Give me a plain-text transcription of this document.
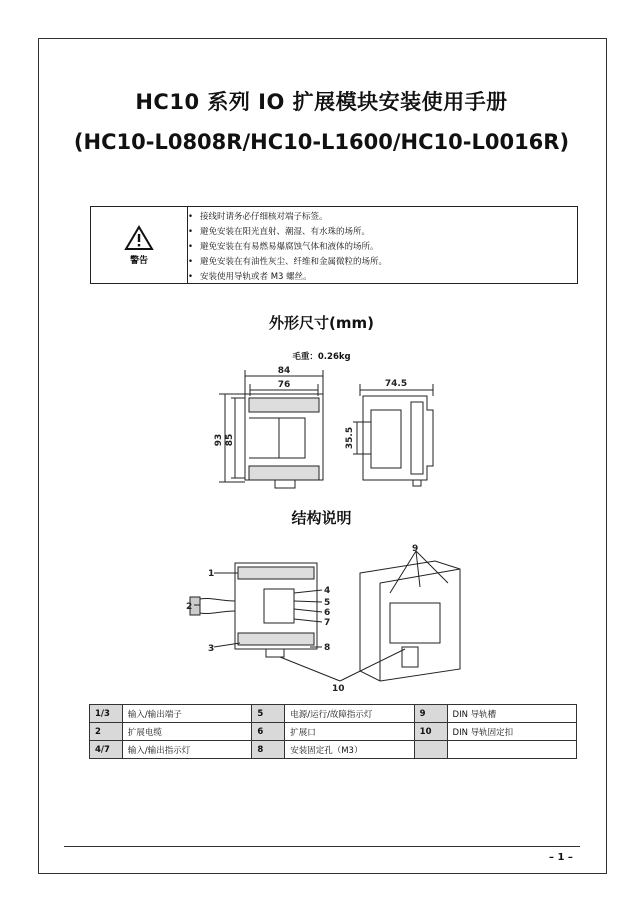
HC10 系列 IO 扩展模块安装使用手册
(HC10-L0808R/HC10-L1600/HC10-L0016R)
警告
• 接线时请务必仔细核对端子标签。
• 避免安装在阳光直射、潮湿、有水珠的场所。
• 避免安装在有易燃易爆腐蚀气体和液体的场所。
• 避免安装在有油性灰尘、纤维和金属微粒的场所。
• 安装使用导轨或者 M3 螺丝。
外形尺寸(mm)
毛重：0.26kg
84
76	74.5
93 85	35.5
结构说明
1
2
3
4
5
6
7
8
9
10
1/3	输入/输出端子	5	电源/运行/故障指示灯	9	DIN 导轨槽
2	扩展电缆	6	扩展口	10	DIN 导轨固定扣
4/7	输入/输出指示灯	8	安装固定孔（M3）		
– 1 –
